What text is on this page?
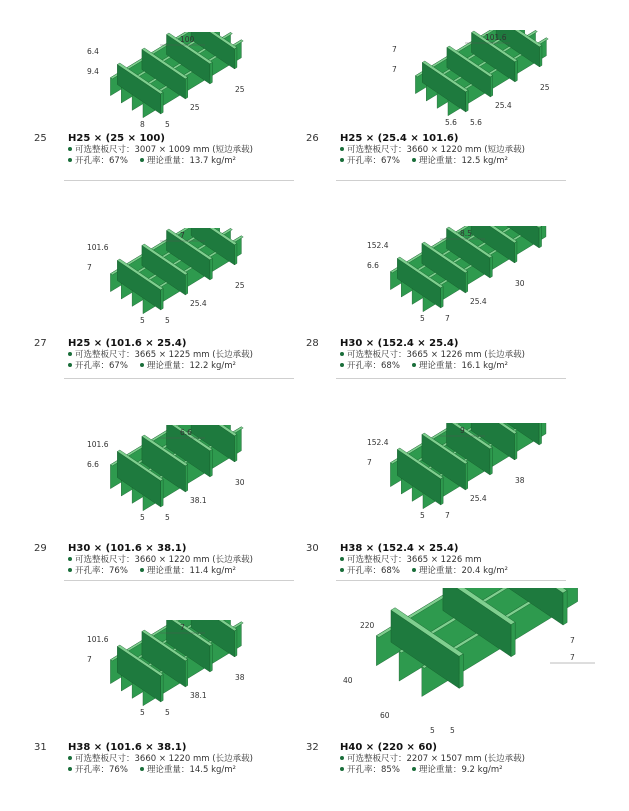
6.4
9.4
100
25
25
8	5
25 H25 × (25 × 100)
可选整板尺寸：3007 × 1009 mm (短边承载)
开孔率：67% 理论重量：13.7 kg/m²
7
7
101.6
25
25.4
5.6 5.6
26 H25 × (25.4 × 101.6)
可选整板尺寸：3660 × 1220 mm (短边承载)
开孔率：67% 理论重量：12.5 kg/m²
101.6
7
7
25
25.4
5	5
27 H25 × (101.6 × 25.4)
可选整板尺寸：3665 × 1225 mm (长边承载)
开孔率：67% 理论重量：12.2 kg/m²
152.4
6.6
8.5
30
25.4
5	7
28 H30 × (152.4 × 25.4)
可选整板尺寸：3665 × 1226 mm (长边承载)
开孔率：68% 理论重量：16.1 kg/m²
101.6
6.6
6.6
30
38.1
5	5
29 H30 × (101.6 × 38.1)
可选整板尺寸：3660 × 1220 mm (长边承载)
开孔率：76% 理论重量：11.4 kg/m²
152.4
7
9
38
25.4
5	7
30 H38 × (152.4 × 25.4)
可选整板尺寸：3665 × 1226 mm
开孔率：68% 理论重量：20.4 kg/m²
101.6
7
7
38
38.1
5	5
31 H38 × (101.6 × 38.1)
可选整板尺寸：3660 × 1220 mm (长边承载)
开孔率：76% 理论重量：14.5 kg/m²
220
7
7
40
60
5 5
32 H40 × (220 × 60)
可选整板尺寸：2207 × 1507 mm (长边承载)
开孔率：85% 理论重量：9.2 kg/m²
